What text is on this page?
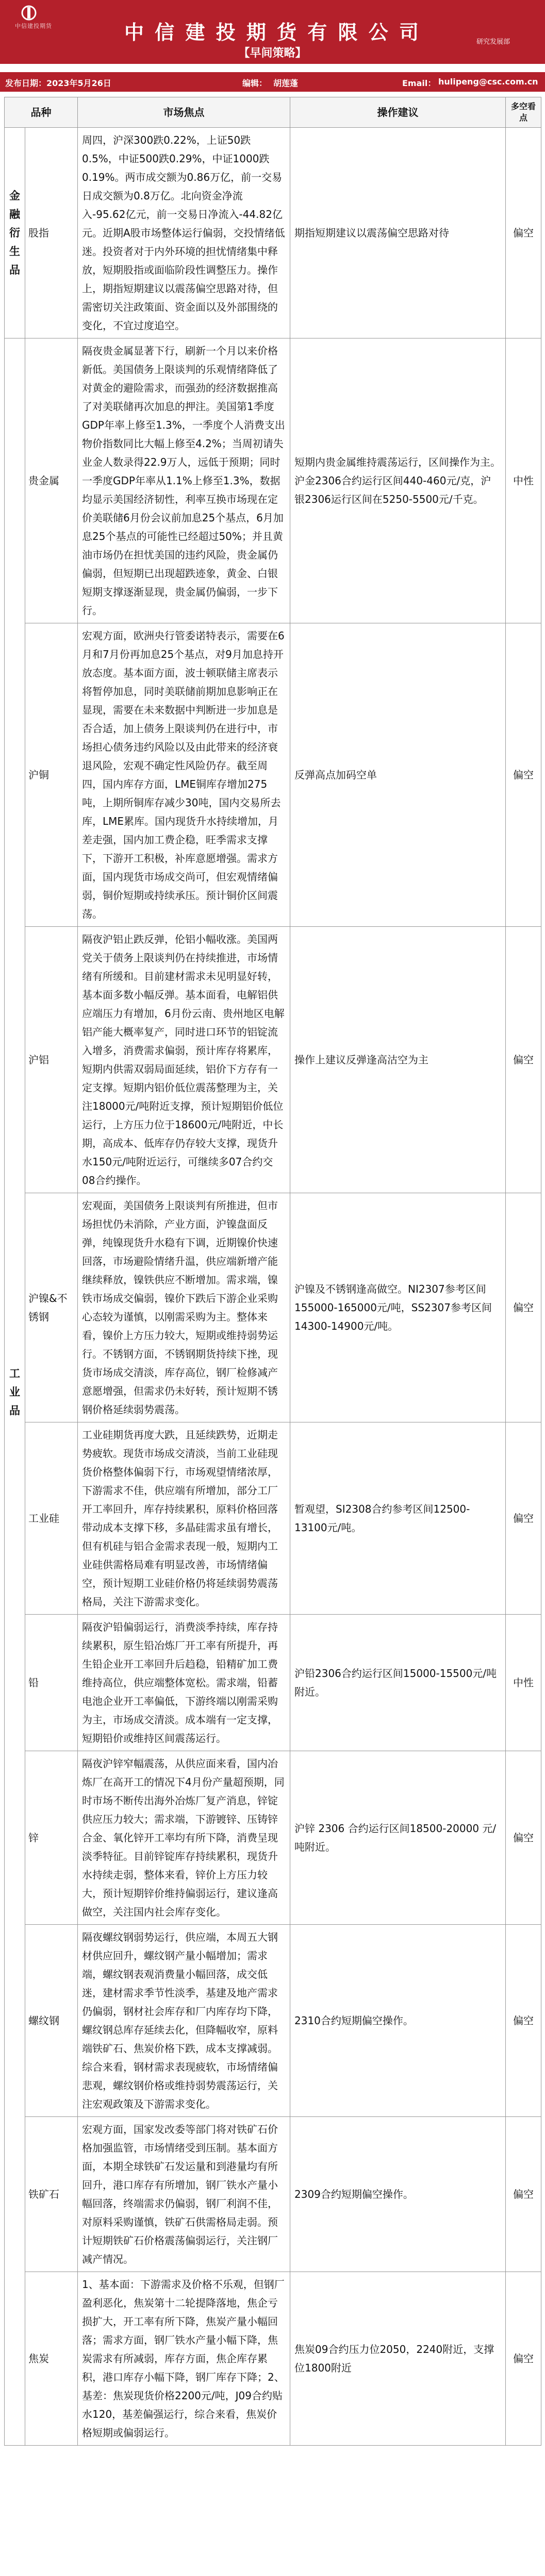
中信建投期货	中 信 建 投 期 货 有 限 公 司
【早间策略】
研究发展部
发布日期： 2023年5月26日	编辑： 胡莲蓬	Email： hulipeng@csc.com.cn
品种		市场焦点	操作建议	多空看点
金融衍生品	股指	周四，沪深300跌0.22%，上证50跌0.5%，中证500跌0.29%，中证1000跌0.19%。两市成交额为0.86万亿，前一交易日成交额为0.8万亿。北向资金净流入-95.62亿元，前一交易日净流入-44.82亿元。近期A股市场整体运行偏弱，交投情绪低迷。投资者对于内外环境的担忧情绪集中释放，短期股指或面临阶段性调整压力。操作上，期指短期建议以震荡偏空思路对待，但需密切关注政策面、资金面以及外部围绕的变化，不宜过度追空。	期指短期建议以震荡偏空思路对待	偏空
工业品	贵金属	隔夜贵金属显著下行，刷新一个月以来价格新低。美国债务上限谈判的乐观情绪降低了对黄金的避险需求，而强劲的经济数据推高了对美联储再次加息的押注。美国第1季度GDP年率上修至1.3%，一季度个人消费支出物价指数同比大幅上修至4.2%；当周初请失业金人数录得22.9万人，远低于预期；同时一季度GDP年率从1.1%上修至1.3%，数据均显示美国经济韧性，利率互换市场现在定价美联储6月份会议前加息25个基点，6月加息25个基点的可能性已经超过50%；并且黄油市场仍在担忧美国的违约风险，贵金属仍偏弱，但短期已出现超跌迹象，黄金、白银短期支撑逐渐显现，贵金属仍偏弱，一步下行。	短期内贵金属维持震荡运行，区间操作为主。沪金2306合约运行区间440-460元/克，沪银2306运行区间在5250-5500元/千克。	中性
	沪铜	宏观方面，欧洲央行管委诺特表示，需要在6月和7月份再加息25个基点，对9月加息持开放态度。基本面方面，波士顿联储主席表示将暂停加息，同时美联储前期加息影响正在显现，需要在未来数据中判断进一步加息是否合适，加上债务上限谈判仍在进行中，市场担心债务违约风险以及由此带来的经济衰退风险，宏观不确定性风险仍存。截至周四，国内库存方面，LME铜库存增加275吨，上期所铜库存减少30吨，国内交易所去库，LME累库。国内现货升水持续增加，月差走强，国内加工费企稳，旺季需求支撑下，下游开工积极，补库意愿增强。需求方面，国内现货市场成交尚可，但宏观情绪偏弱，铜价短期或持续承压。预计铜价区间震荡。	反弹高点加码空单	偏空
	沪铝	隔夜沪铝止跌反弹，伦铝小幅收涨。美国两党关于债务上限谈判仍在持续推进，市场情绪有所缓和。目前建材需求未见明显好转，基本面多数小幅反弹。基本面看，电解铝供应端压力有增加，6月份云南、贵州地区电解铝产能大概率复产，同时进口环节的铝锭流入增多，消费需求偏弱，预计库存将累库，短期内供需双弱局面延续，铝价下方存有一定支撑。短期内铝价低位震荡整理为主，关注18000元/吨附近支撑，预计短期铝价低位运行，上方压力位于18600元/吨附近，中长期，高成本、低库存仍存较大支撑，现货升水150元/吨附近运行，可继续多07合约交08合约操作。	操作上建议反弹逢高沽空为主	偏空
	沪镍&不锈钢	宏观面，美国债务上限谈判有所推进，但市场担忧仍未消除，产业方面，沪镍盘面反弹，纯镍现货升水稳有下调，近期镍价快速回落，市场避险情绪升温，供应端新增产能继续释放，镍铁供应不断增加。需求端，镍铁市场成交偏弱，镍价下跌后下游企业采购心态较为谨慎，以刚需采购为主。整体来看，镍价上方压力较大，短期或维持弱势运行。不锈钢方面，不锈钢期货持续下挫，现货市场成交清淡，库存高位，钢厂检修减产意愿增强，但需求仍未好转，预计短期不锈钢价格延续弱势震荡。	沪镍及不锈钢逢高做空。NI2307参考区间155000-165000元/吨，SS2307参考区间14300-14900元/吨。	偏空
	工业硅	工业硅期货再度大跌，且延续跌势，近期走势疲软。现货市场成交清淡，当前工业硅现货价格整体偏弱下行，市场观望情绪浓厚，下游需求不佳，供应端有所增加，部分工厂开工率回升，库存持续累积，原料价格回落带动成本支撑下移，多晶硅需求虽有增长，但有机硅与铝合金需求表现一般，短期内工业硅供需格局难有明显改善，市场情绪偏空，预计短期工业硅价格仍将延续弱势震荡格局，关注下游需求变化。	暂观望，SI2308合约参考区间12500-13100元/吨。	偏空
	铅	隔夜沪铅偏弱运行，消费淡季持续，库存持续累积，原生铅冶炼厂开工率有所提升，再生铅企业开工率回升后趋稳，铅精矿加工费维持高位，供应端整体宽松。需求端，铅蓄电池企业开工率偏低，下游终端以刚需采购为主，市场成交清淡。成本端有一定支撑，短期铅价或维持区间震荡运行。	沪铅2306合约运行区间15000-15500元/吨附近。	中性
	锌	隔夜沪锌窄幅震荡，从供应面来看，国内冶炼厂在高开工的情况下4月份产量超预期，同时市场不断传出海外冶炼厂复产消息，锌锭供应压力较大；需求端，下游镀锌、压铸锌合金、氧化锌开工率均有所下降，消费呈现淡季特征。目前锌锭库存持续累积，现货升水持续走弱，整体来看，锌价上方压力较大，预计短期锌价维持偏弱运行，建议逢高做空，关注国内社会库存变化。	沪锌 2306 合约运行区间18500-20000 元/吨附近。	偏空
	螺纹钢	隔夜螺纹钢弱势运行，供应端，本周五大钢材供应回升，螺纹钢产量小幅增加；需求端，螺纹钢表观消费量小幅回落，成交低迷，建材需求季节性淡季，基建及地产需求仍偏弱，钢材社会库存和厂内库存均下降，螺纹钢总库存延续去化，但降幅收窄，原料端铁矿石、焦炭价格下跌，成本支撑减弱。综合来看，钢材需求表现疲软，市场情绪偏悲观，螺纹钢价格或维持弱势震荡运行，关注宏观政策及下游需求变化。	2310合约短期偏空操作。	偏空
	铁矿石	宏观方面，国家发改委等部门将对铁矿石价格加强监管，市场情绪受到压制。基本面方面，本期全球铁矿石发运量和到港量均有所回升，港口库存有所增加，钢厂铁水产量小幅回落，终端需求仍偏弱，钢厂利润不佳，对原料采购谨慎，铁矿石供需格局走弱。预计短期铁矿石价格震荡偏弱运行，关注钢厂减产情况。	2309合约短期偏空操作。	偏空
	焦炭	1、基本面：下游需求及价格不乐观，但钢厂盈利恶化，焦炭第十二轮提降落地，焦企亏损扩大，开工率有所下降，焦炭产量小幅回落；需求方面，钢厂铁水产量小幅下降，焦炭需求有所减弱，库存方面，焦企库存累积，港口库存小幅下降，钢厂库存下降；2、基差：焦炭现货价格2200元/吨，J09合约贴水120，基差偏强运行，综合来看，焦炭价格短期或偏弱运行。	焦炭09合约压力位2050，2240附近，支撑位1800附近	偏空
